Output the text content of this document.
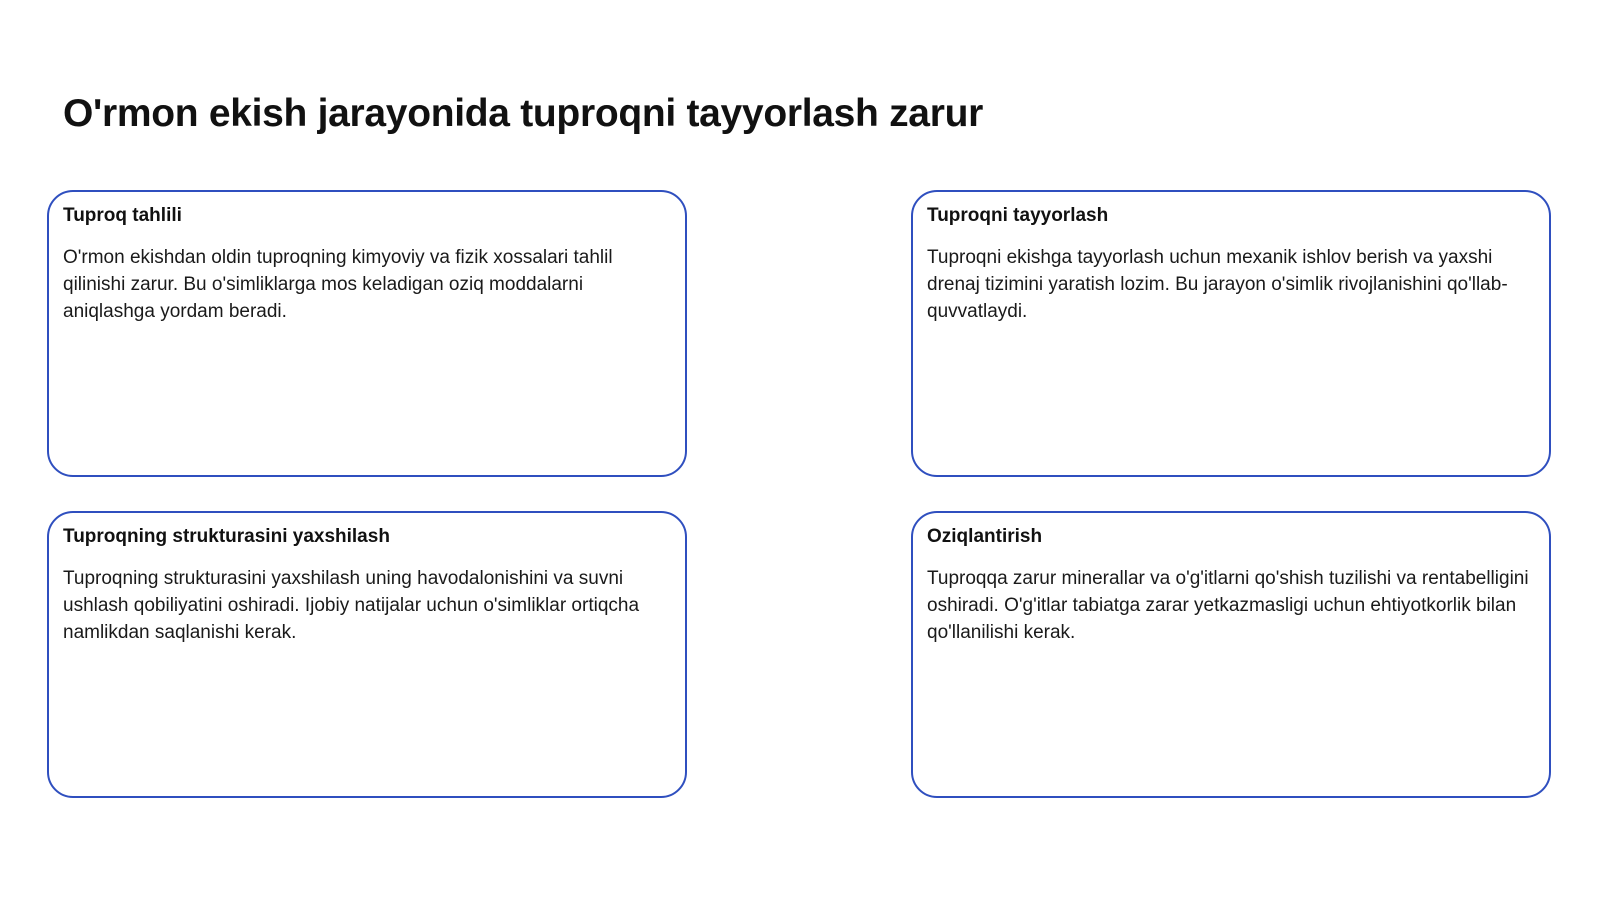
O'rmon ekish jarayonida tuproqni tayyorlash zarur
Tuproq tahlili

O'rmon ekishdan oldin tuproqning kimyoviy va fizik xossalari tahlil qilinishi zarur. Bu o'simliklarga mos keladigan oziq moddalarni aniqlashga yordam beradi.

Tuproqni tayyorlash

Tuproqni ekishga tayyorlash uchun mexanik ishlov berish va yaxshi drenaj tizimini yaratish lozim. Bu jarayon o'simlik rivojlanishini qo'llab-quvvatlaydi.

Tuproqning strukturasini yaxshilash

Tuproqning strukturasini yaxshilash uning havodalonishini va suvni ushlash qobiliyatini oshiradi. Ijobiy natijalar uchun o'simliklar ortiqcha namlikdan saqlanishi kerak.

Oziqlantirish

Tuproqqa zarur minerallar va o'g'itlarni qo'shish tuzilishi va rentabelligini oshiradi. O'g'itlar tabiatga zarar yetkazmasligi uchun ehtiyotkorlik bilan qo'llanilishi kerak.
